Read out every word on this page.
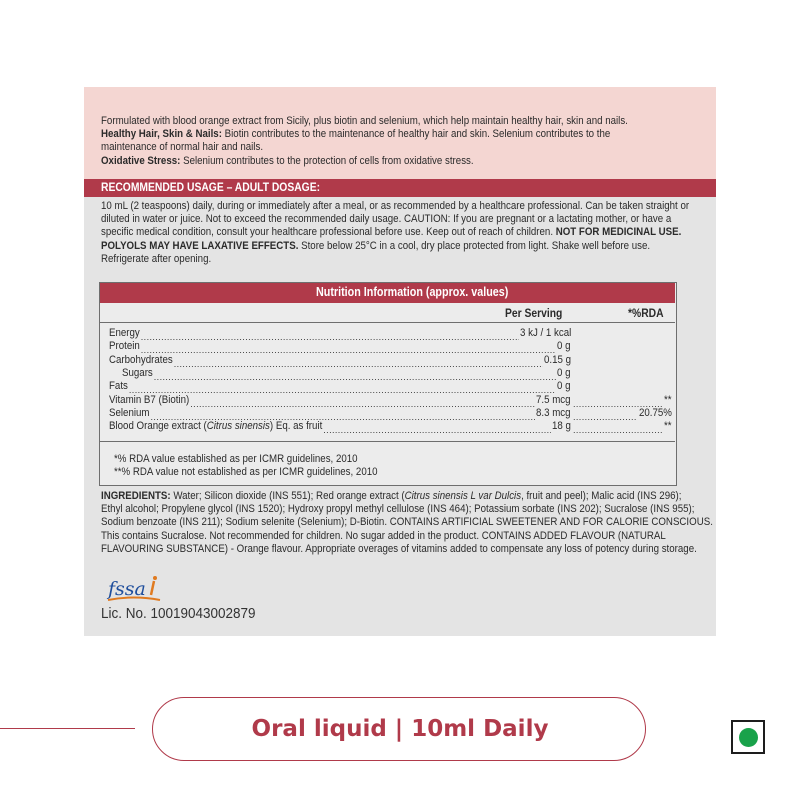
Formulated with blood orange extract from Sicily, plus biotin and selenium, which help maintain healthy hair, skin and nails.
Healthy Hair, Skin & Nails: Biotin contributes to the maintenance of healthy hair and skin. Selenium contributes to the
maintenance of normal hair and nails.
Oxidative Stress: Selenium contributes to the protection of cells from oxidative stress.
RECOMMENDED USAGE – ADULT DOSAGE:
10 mL (2 teaspoons) daily, during or immediately after a meal, or as recommended by a healthcare professional. Can be taken straight or
diluted in water or juice. Not to exceed the recommended daily usage. CAUTION: If you are pregnant or a lactating mother, or have a
specific medical condition, consult your healthcare professional before use. Keep out of reach of children. NOT FOR MEDICINAL USE.
POLYOLS MAY HAVE LAXATIVE EFFECTS. Store below 25°C in a cool, dry place protected from light. Shake well before use.
Refrigerate after opening.
Nutrition Information (approx. values)
Per Serving	*%RDA
Energy	3 kJ / 1 kcal
.....
Protein	0 g
.....
Carbohydrates	0.15 g
.....
Sugars	0 g
.....
Fats	0 g
.....
Vitamin B7 (Biotin)	7.5 mcg .....	**
.....
Selenium	8.3 mcg .....	20.75%
.....
Blood Orange extract (Citrus sinensis) Eq. as fruit	18 g .....	**
.....
*% RDA value established as per ICMR guidelines, 2010
**% RDA value not established as per ICMR guidelines, 2010
INGREDIENTS: Water; Silicon dioxide (INS 551); Red orange extract (Citrus sinensis L var Dulcis, fruit and peel); Malic acid (INS 296);
Ethyl alcohol; Propylene glycol (INS 1520); Hydroxy propyl methyl cellulose (INS 464); Potassium sorbate (INS 202); Sucralose (INS 955);
Sodium benzoate (INS 211); Sodium selenite (Selenium); D-Biotin. CONTAINS ARTIFICIAL SWEETENER AND FOR CALORIE CONSCIOUS.
This contains Sucralose. Not recommended for children. No sugar added in the product. CONTAINS ADDED FLAVOUR (NATURAL
FLAVOURING SUBSTANCE) - Orange flavour. Appropriate overages of vitamins added to compensate any loss of potency during storage.
fssa
Lic. No. 10019043002879
Oral liquid | 10ml Daily
